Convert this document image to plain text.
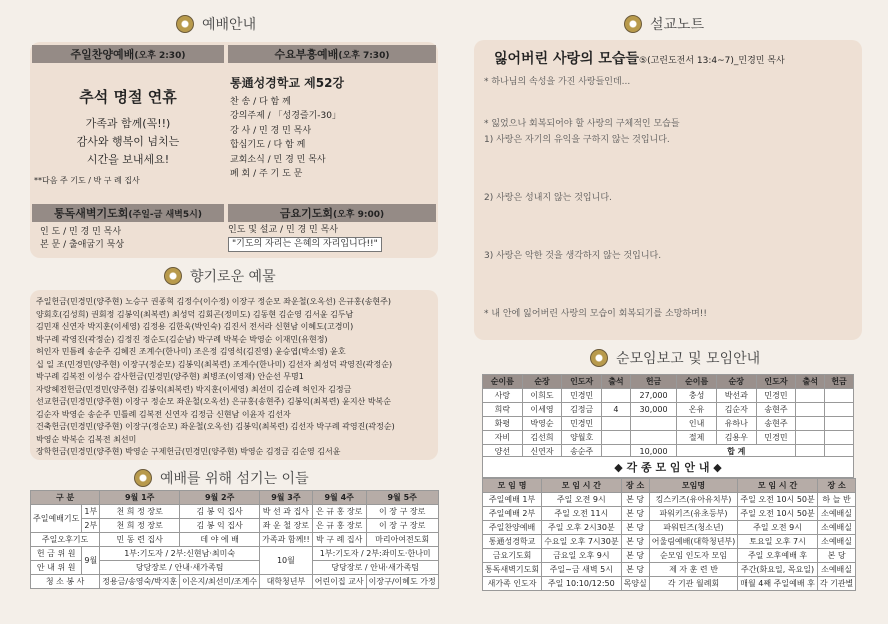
예배안내
주일찬양예배 (오후 2:30)	수요부흥예배 (오후 7:30)
추석 명절 연휴
가족과 함께(꼭!!)
감사와 행복이 넘치는
시간을 보내세요!
**다음 주 기도 / 박 구 례 집사
통通성경학교 제52강
찬 송 / 다 함 께
강의주제 / 「성경즐기-30」
강 사 / 민 경 민 목사
합심기도 / 다 함 께
교회소식 / 민 경 민 목사
폐 회 / 주 기 도 문
통독새벽기도회 (주일-금 새벽5시)	금요기도회 (오후 9:00)
인 도 / 민 경 민 목사
본 문 / 출애굽기 묵상
인도 및 설교 / 민 경 민 목사
"기도의 자리는 은혜의 자리입니다!!"
향기로운 예물
주일헌금(민경민(양주현) 노승구 권종혁 김정수(이수정) 이장구 정순모 좌운철(오옥선) 은규홍(송현주)
양회호(김성희) 권회정 김봉익(최복련) 최성덕 김회곤(정미도) 김동현 김순영 김서윤 김두남
김민재 신연자 박지훈(이세영) 김정용 김한욱(박인숙) 김진서 전서라 신현남 이혜도(고경미)
박구례 곽영진(곽정순) 김정진 정순도(김순남) 박구례 박복순 박영순 이재민(유현정)
허인자 민틈례 송순주 김혜진 조계수(한나미) 조은정 김영석(김진영) 윤승엽(박소영) 윤호
십 일 조(민경민(양주현) 이장구(정순모) 김봉익(최복련) 조계수(한나미) 김선자 최성덕 곽영진(곽정순)
박구례 김복전 이성수 감사헌금(민경민(양주현) 최병조(이영재) 안순선 무명1
자랑헤전헌금(민경민(양주현) 김봉익(최복련) 박지훈(이세영) 최선미 김순례 허인자 김정금
선교헌금(민경민(양주현) 이장구 정순모 좌운철(오옥선) 은규홍(송현주) 김봉익(최복련) 윤지산 박복순
김순자 박영순 송순주 민틀례 김복전 신연자 김정금 신현남 이윤자 김선자
건축헌금(민경민(양주현) 이장구(정순모) 좌운철(오옥선) 김봉익(최복련) 김선자 박구례 곽영진(곽정순)
박영순 박복순 김복전 최선미
장학헌금(민경민(양주현) 박영순 구제헌금(민경민(양주현) 박영순 김정금 김순영 김서윤
예배를 위해 섬기는 이들
구 분		9월 1주	9월 2주	9월 3주	9월 4주	9월 5주
주일예배기도	1부	천 희 정 장로	김 봉 익 집사	박 선 과 집사	은 규 홍 장로	이 장 구 장로
	2부	천 희 정 장로	김 봉 익 집사	좌 운 철 장로	은 규 홍 장로	이 장 구 장로
주일오후기도		민 동 련 집사	데 야 에 배	가족과 함께!!	박 구 례 집사	마리아여전도회
헌 금 위 원	9월	1부:기도자 / 2부:신현남·최미숙		10월	1부:기도자 / 2부:좌미도·한나미	
안 내 위 원		당당장로 / 안내·새가족팀			당당장로 / 안내·새가족팀	
청 소 봉 사		정용금/송영숙/박지훈	이은지/최선미/조계수	대학청년부	어린이집 교사	이장구/이혜도 가정
설교노트
잃어버린 사랑의 모습들⑤(고린도전서 13:4~7)_민경민 목사
* 하나님의 속성을 가진 사랑들인데...
* 잃었으나 회복되어야 할 사랑의 구체적인 모습들
1) 사랑은 자기의 유익을 구하지 않는 것입니다.
2) 사랑은 성내지 않는 것입니다.
3) 사랑은 악한 것을 생각하지 않는 것입니다.
* 내 안에 잃어버린 사랑의 모습이 회복되기를 소망하며!!
순모임보고 및 모임안내
순이름	순장	인도자	출석	헌금	순이름	순장	인도자	출석	헌금
사랑	이희도	민경민		27,000	충성	박선과	민경민		
희락	이세영	김정금	4	30,000	온유	김순자	송현주		
화평	박영순	민경민			인내	유하나	송현주		
자비	김선희	양월호			절제	김용우	민경민		
양선	신연자	송순주		10,000	합 계				
◆ 각 종 모 임 안 내 ◆
모 임 명	모 임 시 간	장 소	모임명	모 임 시 간	장 소
주일예배 1부	주일 오전 9시	본 당	킹스키즈(유아유치부)	주일 오전 10시 50분	하 늘 반
주일예배 2부	주일 오전 11시	본 당	파워키즈(유초등부)	주일 오전 10시 50분	소예배실
주일찬양예배	주일 오후 2시30분	본 당	파워틴즈(청소년)	주일 오전 9시	소예배실
통通성경학교	수요일 오후 7시30분	본 당	어울림예배(대학청년부)	토요일 오후 7시	소예배실
금요기도회	금요일 오후 9시	본 당	순모임 인도자 모임	주일 오후예배 후	본 당
통독새벽기도회	주일~금 새벽 5시	본 당	제 자 훈 련 반	주간(화요일, 목요일)	소예배실
새가족 인도자	주일 10:10/12:50	목양실	각 기관 월례회	매월 4째 주일예배 후	각 기관별
